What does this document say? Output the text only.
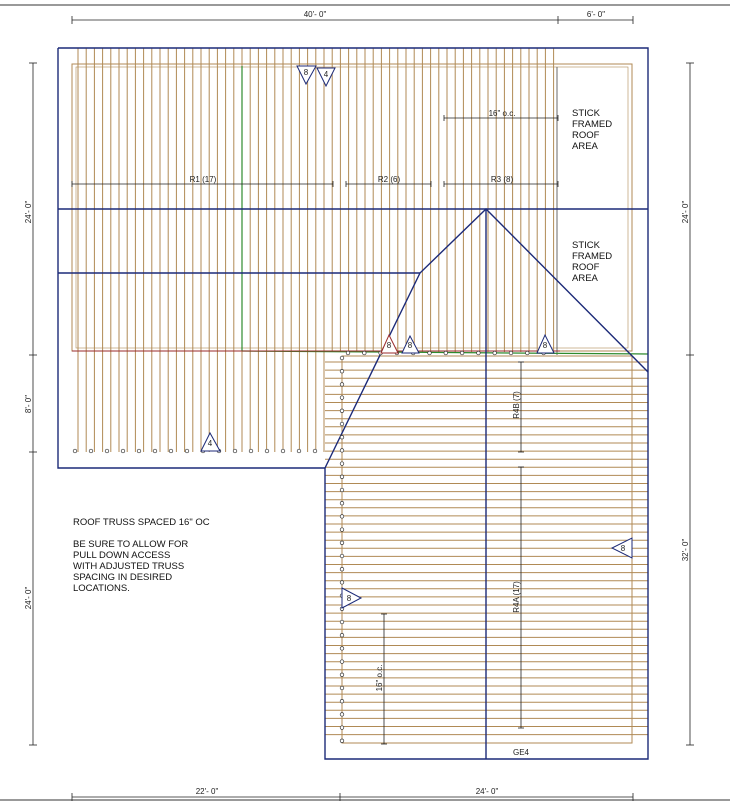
8 4
4
8 8	8
8
8
40'- 0"	6'- 0"
22'- 0"	24'- 0"
24'- 0"
8'- 0"
24'- 0"
24'- 0"
32'- 0"
R1 (17)	R2 (6)	R3 (8)
16" o.c.
R4B (7)
R4A (17)
16" o.c.
GE4
STICK
FRAMED
ROOF
AREA
STICK
FRAMED
ROOF
AREA
ROOF TRUSS SPACED 16" OC
BE SURE TO ALLOW FOR
PULL DOWN ACCESS
WITH ADJUSTED TRUSS
SPACING IN DESIRED
LOCATIONS.
